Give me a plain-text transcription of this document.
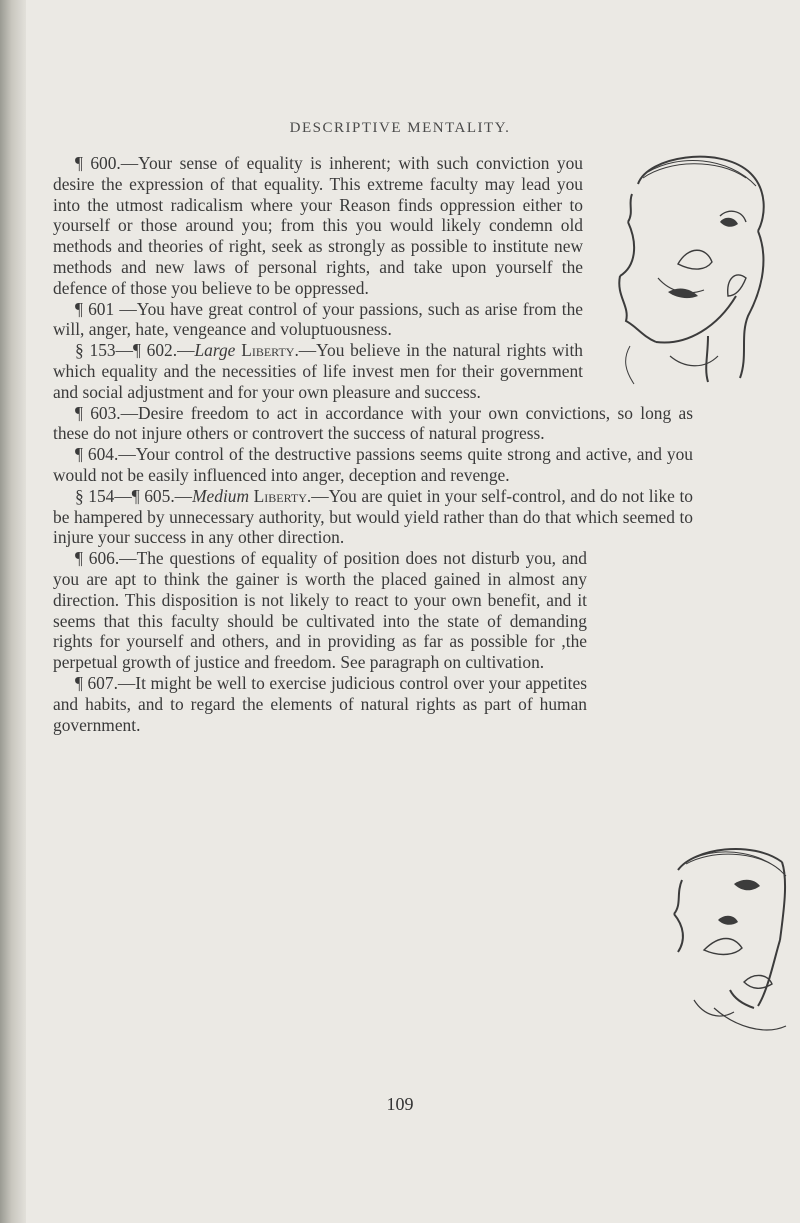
DESCRIPTIVE MENTALITY.

¶ 600.—Your sense of equality is inherent; with such conviction you desire the expression of that equality. This extreme faculty may lead you into the utmost radicalism where your Reason finds oppression either to yourself or those around you; from this you would likely condemn old methods and theories of right, seek as strongly as possible to institute new methods and new laws of personal rights, and take upon yourself the defence of those you believe to be oppressed.

¶ 601 —You have great control of your passions, such as arise from the will, anger, hate, vengeance and voluptuousness.

§ 153—¶ 602.—Large Liberty.—You believe in the natural rights with which equality and the necessities of life invest men for their government and social adjustment and for your own pleasure and success.

¶ 603.—Desire freedom to act in accordance with your own convictions, so long as these do not injure others or controvert the success of natural progress.

¶ 604.—Your control of the destructive passions seems quite strong and active, and you would not be easily influenced into anger, deception and revenge.

§ 154—¶ 605.—Medium Liberty.—You are quiet in your self-control, and do not like to be hampered by unnecessary authority, but would yield rather than do that which seemed to injure your success in any other direction.

¶ 606.—The questions of equality of position does not disturb you, and you are apt to think the gainer is worth the placed gained in almost any direction. This disposition is not likely to react to your own benefit, and it seems that this faculty should be cultivated into the state of demanding rights for yourself and others, and in providing as far as possible for ,the perpetual growth of justice and freedom. See paragraph on cultivation.

¶ 607.—It might be well to exercise judicious control over your appetites and habits, and to regard the elements of natural rights as part of human government.

109
